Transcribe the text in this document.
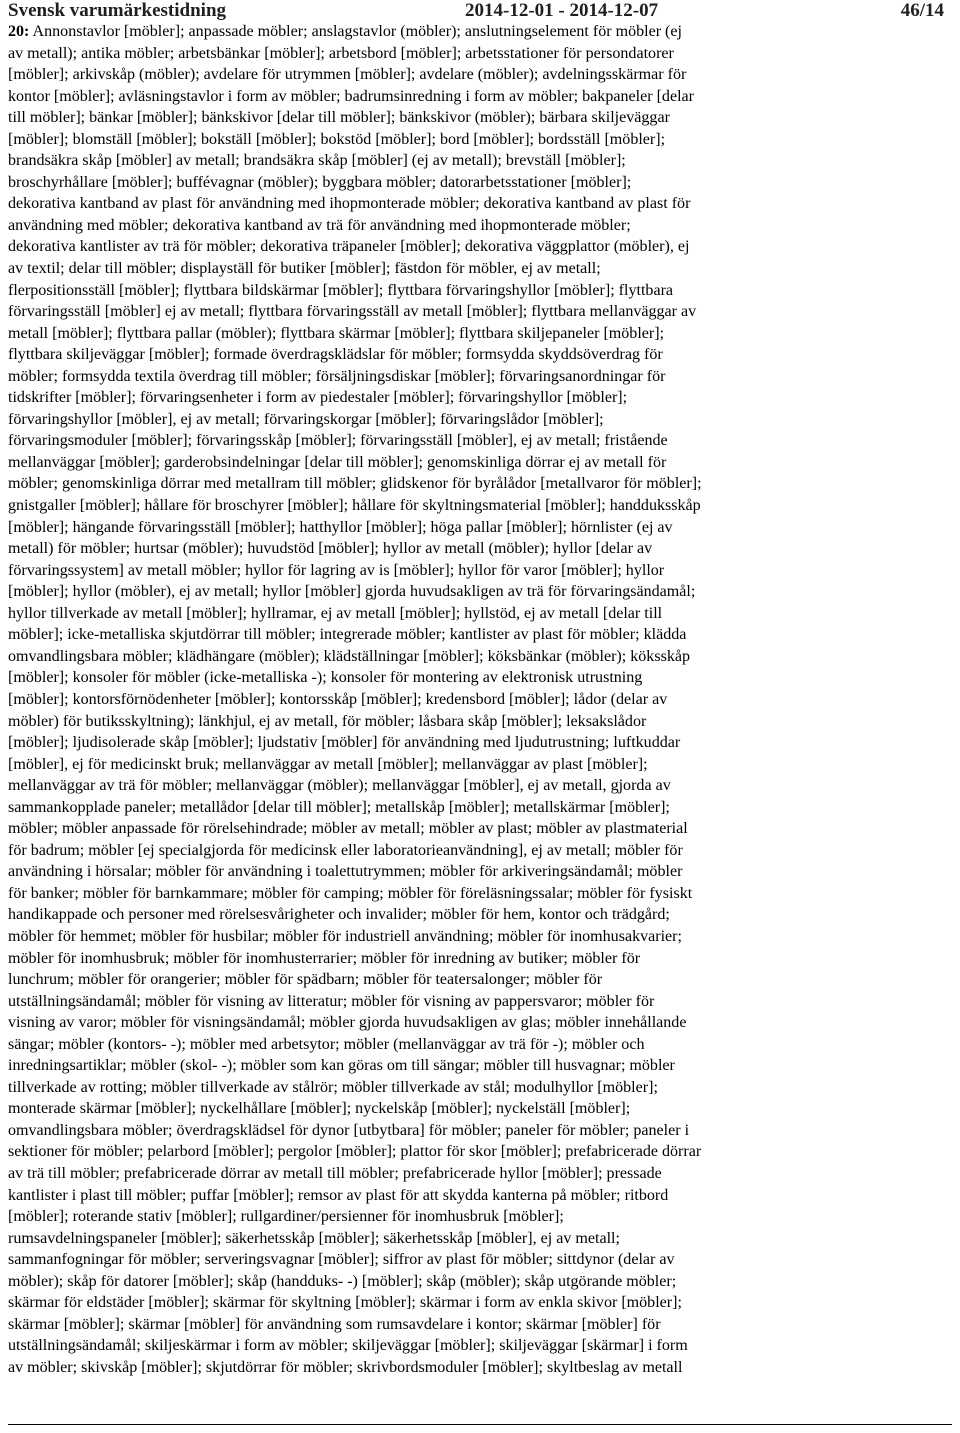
Svensk varumärkestidning	2014-12-01 - 2014-12-07	46/14
20: Annonstavlor [möbler]; anpassade möbler; anslagstavlor (möbler); anslutningselement för möbler (ej
av metall); antika möbler; arbetsbänkar [möbler]; arbetsbord [möbler]; arbetsstationer för persondatorer
[möbler]; arkivskåp (möbler); avdelare för utrymmen [möbler]; avdelare (möbler); avdelningsskärmar för
kontor [möbler]; avläsningstavlor i form av möbler; badrumsinredning i form av möbler; bakpaneler [delar
till möbler]; bänkar [möbler]; bänkskivor [delar till möbler]; bänkskivor (möbler); bärbara skiljeväggar
[möbler]; blomställ [möbler]; bokställ [möbler]; bokstöd [möbler]; bord [möbler]; bordsställ [möbler];
brandsäkra skåp [möbler] av metall; brandsäkra skåp [möbler] (ej av metall); brevställ [möbler];
broschyrhållare [möbler]; buffévagnar (möbler); byggbara möbler; datorarbetsstationer [möbler];
dekorativa kantband av plast för användning med ihopmonterade möbler; dekorativa kantband av plast för
användning med möbler; dekorativa kantband av trä för användning med ihopmonterade möbler;
dekorativa kantlister av trä för möbler; dekorativa träpaneler [möbler]; dekorativa väggplattor (möbler), ej
av textil; delar till möbler; displayställ för butiker [möbler]; fästdon för möbler, ej av metall;
flerpositionsställ [möbler]; flyttbara bildskärmar [möbler]; flyttbara förvaringshyllor [möbler]; flyttbara
förvaringsställ [möbler] ej av metall; flyttbara förvaringsställ av metall [möbler]; flyttbara mellanväggar av
metall [möbler]; flyttbara pallar (möbler); flyttbara skärmar [möbler]; flyttbara skiljepaneler [möbler];
flyttbara skiljeväggar [möbler]; formade överdragsklädslar för möbler; formsydda skyddsöverdrag för
möbler; formsydda textila överdrag till möbler; försäljningsdiskar [möbler]; förvaringsanordningar för
tidskrifter [möbler]; förvaringsenheter i form av piedestaler [möbler]; förvaringshyllor [möbler];
förvaringshyllor [möbler], ej av metall; förvaringskorgar [möbler]; förvaringslådor [möbler];
förvaringsmoduler [möbler]; förvaringsskåp [möbler]; förvaringsställ [möbler], ej av metall; fristående
mellanväggar [möbler]; garderobsindelningar [delar till möbler]; genomskinliga dörrar ej av metall för
möbler; genomskinliga dörrar med metallram till möbler; glidskenor för byrålådor [metallvaror för möbler];
gnistgaller [möbler]; hållare för broschyrer [möbler]; hållare för skyltningsmaterial [möbler]; handduksskåp
[möbler]; hängande förvaringsställ [möbler]; hatthyllor [möbler]; höga pallar [möbler]; hörnlister (ej av
metall) för möbler; hurtsar (möbler); huvudstöd [möbler]; hyllor av metall (möbler); hyllor [delar av
förvaringssystem] av metall möbler; hyllor för lagring av is [möbler]; hyllor för varor [möbler]; hyllor
[möbler]; hyllor (möbler), ej av metall; hyllor [möbler] gjorda huvudsakligen av trä för förvaringsändamål;
hyllor tillverkade av metall [möbler]; hyllramar, ej av metall [möbler]; hyllstöd, ej av metall [delar till
möbler]; icke-metalliska skjutdörrar till möbler; integrerade möbler; kantlister av plast för möbler; klädda
omvandlingsbara möbler; klädhängare (möbler); klädställningar [möbler]; köksbänkar (möbler); köksskåp
[möbler]; konsoler för möbler (icke-metalliska -); konsoler för montering av elektronisk utrustning
[möbler]; kontorsförnödenheter [möbler]; kontorsskåp [möbler]; kredensbord [möbler]; lådor (delar av
möbler) för butiksskyltning); länkhjul, ej av metall, för möbler; låsbara skåp [möbler]; leksakslådor
[möbler]; ljudisolerade skåp [möbler]; ljudstativ [möbler] för användning med ljudutrustning; luftkuddar
[möbler], ej för medicinskt bruk; mellanväggar av metall [möbler]; mellanväggar av plast [möbler];
mellanväggar av trä för möbler; mellanväggar (möbler); mellanväggar [möbler], ej av metall, gjorda av
sammankopplade paneler; metallådor [delar till möbler]; metallskåp [möbler]; metallskärmar [möbler];
möbler; möbler anpassade för rörelsehindrade; möbler av metall; möbler av plast; möbler av plastmaterial
för badrum; möbler [ej specialgjorda för medicinsk eller laboratorieanvändning], ej av metall; möbler för
användning i hörsalar; möbler för användning i toalettutrymmen; möbler för arkiveringsändamål; möbler
för banker; möbler för barnkammare; möbler för camping; möbler för föreläsningssalar; möbler för fysiskt
handikappade och personer med rörelsesvårigheter och invalider; möbler för hem, kontor och trädgård;
möbler för hemmet; möbler för husbilar; möbler för industriell användning; möbler för inomhusakvarier;
möbler för inomhusbruk; möbler för inomhusterrarier; möbler för inredning av butiker; möbler för
lunchrum; möbler för orangerier; möbler för spädbarn; möbler för teatersalonger; möbler för
utställningsändamål; möbler för visning av litteratur; möbler för visning av pappersvaror; möbler för
visning av varor; möbler för visningsändamål; möbler gjorda huvudsakligen av glas; möbler innehållande
sängar; möbler (kontors- -); möbler med arbetsytor; möbler (mellanväggar av trä för -); möbler och
inredningsartiklar; möbler (skol- -); möbler som kan göras om till sängar; möbler till husvagnar; möbler
tillverkade av rotting; möbler tillverkade av stålrör; möbler tillverkade av stål; modulhyllor [möbler];
monterade skärmar [möbler]; nyckelhållare [möbler]; nyckelskåp [möbler]; nyckelställ [möbler];
omvandlingsbara möbler; överdragsklädsel för dynor [utbytbara] för möbler; paneler för möbler; paneler i
sektioner för möbler; pelarbord [möbler]; pergolor [möbler]; plattor för skor [möbler]; prefabricerade dörrar
av trä till möbler; prefabricerade dörrar av metall till möbler; prefabricerade hyllor [möbler]; pressade
kantlister i plast till möbler; puffar [möbler]; remsor av plast för att skydda kanterna på möbler; ritbord
[möbler]; roterande stativ [möbler]; rullgardiner/persienner för inomhusbruk [möbler];
rumsavdelningspaneler [möbler]; säkerhetsskåp [möbler]; säkerhetsskåp [möbler], ej av metall;
sammanfogningar för möbler; serveringsvagnar [möbler]; siffror av plast för möbler; sittdynor (delar av
möbler); skåp för datorer [möbler]; skåp (handduks- -) [möbler]; skåp (möbler); skåp utgörande möbler;
skärmar för eldstäder [möbler]; skärmar för skyltning [möbler]; skärmar i form av enkla skivor [möbler];
skärmar [möbler]; skärmar [möbler] för användning som rumsavdelare i kontor; skärmar [möbler] för
utställningsändamål; skiljeskärmar i form av möbler; skiljeväggar [möbler]; skiljeväggar [skärmar] i form
av möbler; skivskåp [möbler]; skjutdörrar för möbler; skrivbordsmoduler [möbler]; skyltbeslag av metall
